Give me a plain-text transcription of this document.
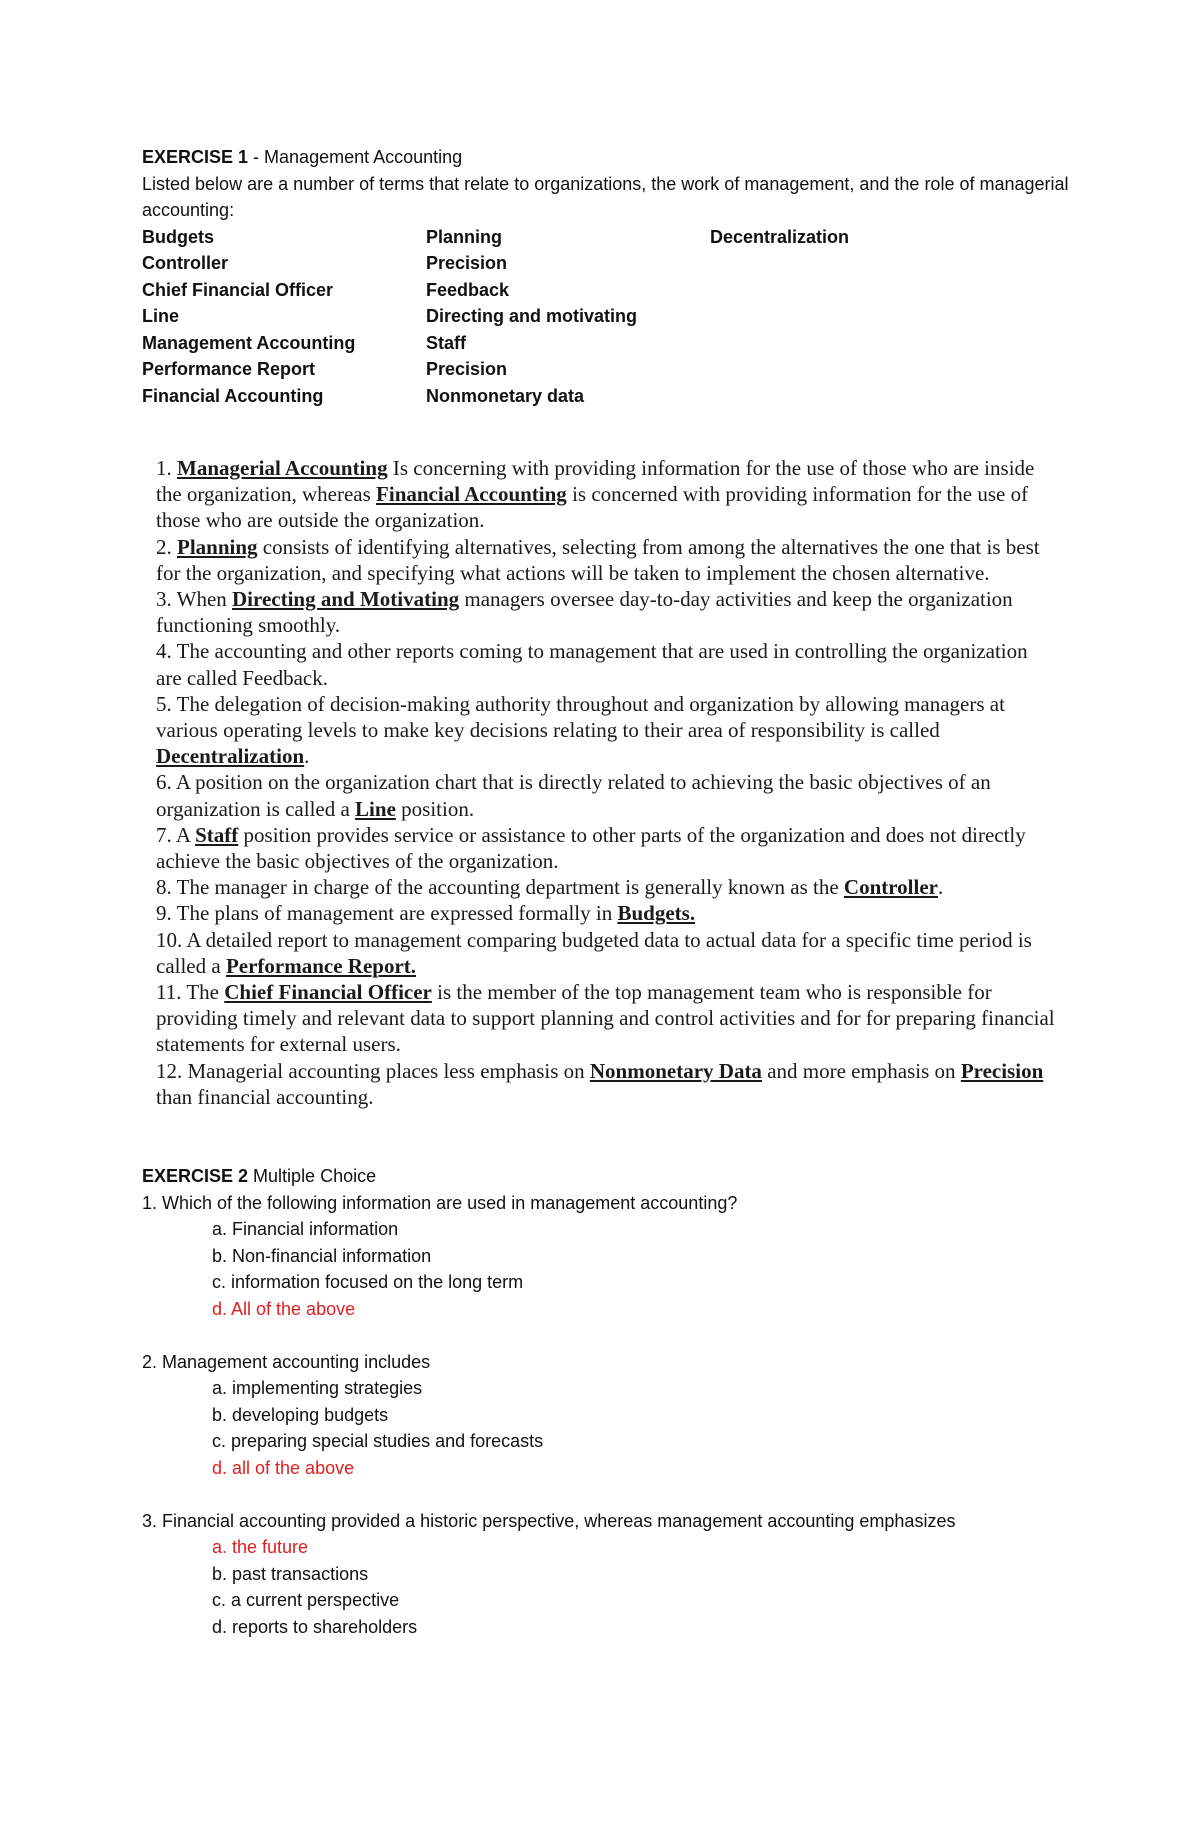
EXERCISE 1 - Management Accounting

Listed below are a number of terms that relate to organizations, the work of management, and the role of managerial accounting:

Budgets	Planning	Decentralization
Controller	Precision
Chief Financial Officer	Feedback
Line	Directing and motivating
Management Accounting	Staff
Performance Report	Precision
Financial Accounting	Nonmonetary data

1. Managerial Accounting Is concerning with providing information for the use of those who are inside the organization, whereas Financial Accounting is concerned with providing information for the use of those who are outside the organization.

2. Planning consists of identifying alternatives, selecting from among the alternatives the one that is best for the organization, and specifying what actions will be taken to implement the chosen alternative.

3. When Directing and Motivating managers oversee day-to-day activities and keep the organization functioning smoothly.

4. The accounting and other reports coming to management that are used in controlling the organization are called Feedback.

5. The delegation of decision-making authority throughout and organization by allowing managers at various operating levels to make key decisions relating to their area of responsibility is called Decentralization.

6. A position on the organization chart that is directly related to achieving the basic objectives of an organization is called a Line position.

7. A Staff position provides service or assistance to other parts of the organization and does not directly achieve the basic objectives of the organization.

8. The manager in charge of the accounting department is generally known as the Controller.

9. The plans of management are expressed formally in Budgets.

10. A detailed report to management comparing budgeted data to actual data for a specific time period is called a Performance Report.

11. The Chief Financial Officer is the member of the top management team who is responsible for providing timely and relevant data to support planning and control activities and for for preparing financial statements for external users.

12. Managerial accounting places less emphasis on Nonmonetary Data and more emphasis on Precision than financial accounting.

EXERCISE 2 Multiple Choice

1. Which of the following information are used in management accounting?

a. Financial information
b. Non-financial information
c. information focused on the long term
d. All of the above

2. Management accounting includes

a. implementing strategies
b. developing budgets
c. preparing special studies and forecasts
d. all of the above

3. Financial accounting provided a historic perspective, whereas management accounting emphasizes

a. the future
b. past transactions
c. a current perspective
d. reports to shareholders
